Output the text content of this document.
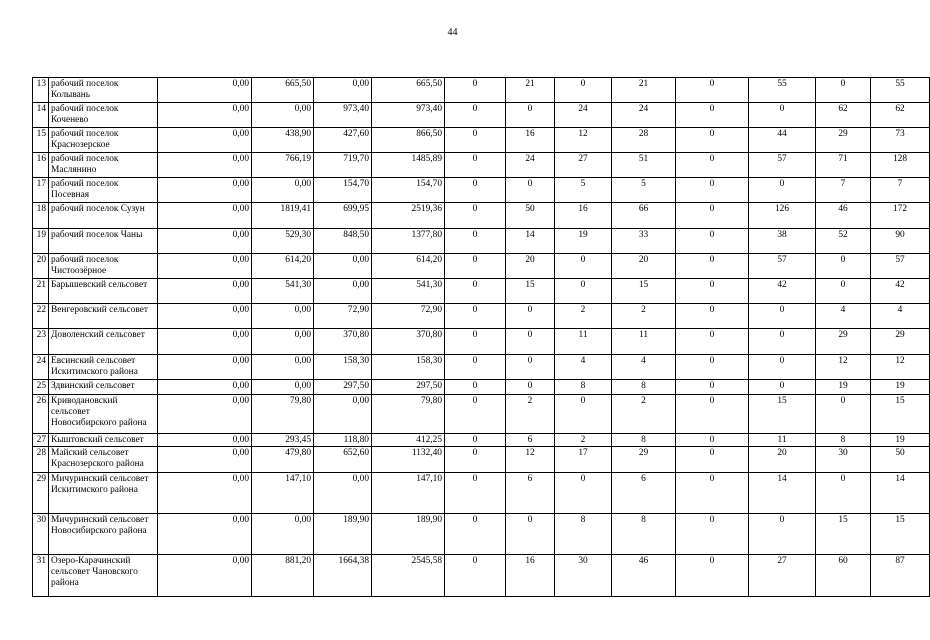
44
13	рабочий поселок Колывань	0,00	665,50	0,00	665,50	0	21	0	21	0	55	0	55
14	рабочий поселок Коченево	0,00	0,00	973,40	973,40	0	0	24	24	0	0	62	62
15	рабочий поселок Краснозерское	0,00	438,90	427,60	866,50	0	16	12	28	0	44	29	73
16	рабочий поселок Маслянино	0,00	766,19	719,70	1485,89	0	24	27	51	0	57	71	128
17	рабочий поселок Посевная	0,00	0,00	154,70	154,70	0	0	5	5	0	0	7	7
18	рабочий поселок Сузун	0,00	1819,41	699,95	2519,36	0	50	16	66	0	126	46	172
19	рабочий поселок Чаны	0,00	529,30	848,50	1377,80	0	14	19	33	0	38	52	90
20	рабочий поселок Чистоозёрное	0,00	614,20	0,00	614,20	0	20	0	20	0	57	0	57
21	Барышевский сельсовет	0,00	541,30	0,00	541,30	0	15	0	15	0	42	0	42
22	Венгеровский сельсовет	0,00	0,00	72,90	72,90	0	0	2	2	0	0	4	4
23	Доволенский сельсовет	0,00	0,00	370,80	370,80	0	0	11	11	0	0	29	29
24	Евсинский сельсовет Искитимского района	0,00	0,00	158,30	158,30	0	0	4	4	0	0	12	12
25	Здвинский сельсовет	0,00	0,00	297,50	297,50	0	0	8	8	0	0	19	19
26	Криводановский сельсовет Новосибирского района	0,00	79,80	0,00	79,80	0	2	0	2	0	15	0	15
27	Кыштовский сельсовет	0,00	293,45	118,80	412,25	0	6	2	8	0	11	8	19
28	Майский сельсовет Краснозерского района	0,00	479,80	652,60	1132,40	0	12	17	29	0	20	30	50
29	Мичуринский сельсовет Искитимского района	0,00	147,10	0,00	147,10	0	6	0	6	0	14	0	14
30	Мичуринский сельсовет Новосибирского района	0,00	0,00	189,90	189,90	0	0	8	8	0	0	15	15
31	Озеро-Карачинский сельсовет Чановского района	0,00	881,20	1664,38	2545,58	0	16	30	46	0	27	60	87
